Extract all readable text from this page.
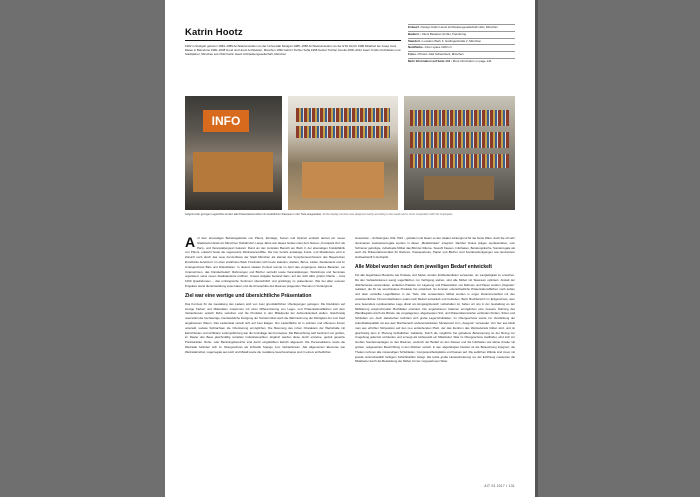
Katrin Hootz
1962 in Stuttgart geboren 1983–1989 Architekturstudium an der Universität Stuttgart 1985–1986 Architekturstudium an der ETH Zürich 1989 Mitarbeit bei Josep Lluís Mateo in Barcelona 1990–2008 Gund und Hootz Architekten, München 1996 Gebürt Tochter Sofia 1998 Geburt Tochter Amelie 2006–2012 Gastr. Kinder Architekten und Stadtplaner, München seit 2012 Katrin Hootz Architektengesellschaft, München
Entwurf • Design Katrin Hootz Architektengesellschaft mbH, München
Bauherr • Client Bavarian GmbH, Freimtrring
Standort • Location Werk 3, Grafingerstraße 2, München
Nutzfläche • Floor space 1000 m²
Fotos • Photos Julia Schambeck, München
Mehr Information auf Seite 144 • More information on page 144
INFO
Aufgrund der geringen Lagerhöhe wurden alle Präsentationsmöbel mit zusätzlichen Stauraum in der Tiefe ausgestattet. All the display furniture was designed mainly according to the needs and in close cooperation with the employees.

Auf dem ehemaligen Betriebsgelände von Pfanni, Zündapp, Kunert und Optimol entsteht derzeit ein neues Stadtviertel direkt am Münchner Ostbahnhof. Lange Jahre war dieses Gebiet unter dem Namen „Kunstpark Ost“ als Party- und Veranstaltungsort bekannt. Rund um den zentralen Bereich am Werk 3, der ehemaligen Knödelfabrik von Pfanni, entsteht heute die sogenannte Werksviertel-Mitte. Die hier bereits ansässige Kunst- und Musikszene wird in Zukunft noch durch das neue Konzerthaus der Stadt München als Heimat des Symphonieorchesters des Bayerischen Rundfunks bereichert. Im oben erwähnten Werk 3 befinden sich heute Galerien, Ateliers, Büros, Läden, Restaurants und im Untergeschoss Bars und Diskotheken. In diesem idealen Kontext konnte im April das vergangene Jahres Bavarian, ein Unternehmen, das Künstlerbedarf, Rahmungen und Bücher vertreibt sowie Veranstaltungen, Workshops und Seminare organisiert, seine neuen Stadtstandorte eröffnen. Unsere Aufgabe bestand darin, auf der nicht allzu großen Fläche – circa 1000 Quadratmeter – das umfangreiche Sortiment übersichtlich und großzügig zu präsentieren. Wie bei allen unseren Projekten stand die Entwicklung eines klaren und die Atmosphäre des Raumes prägenden Themas im Vordergrund.

Ziel war eine wertige und übersichtliche Präsentation

Das Konzept für die Gestaltung des Ladens wird von zwei grundsätzlichen Überlegungen getragen. Die Reduktion auf wenige Farben und Materialien zusammen mit einer Differenzierung von Lager- und Präsentationsflächen soll dem Verkaufsraum optisch Ruhe verleihen und die Produkte in den Mittelpunkt der Aufmerksamkeit stellen. Gleichzeitig unterstützt die hochwertige, handwerkliche Fertigung der Sondermöbel auch die Wahrnehmung der Wertigkeit der zum Kauf angebotenen Waren. Das Ladenlokal verteilt sich auf zwei Etagen. Der Ladenfläche ist in Lichtern und offeneren Zonen unterteilt, sodass Sichtachsen die Orientierung ermöglichen. Die Betonung des rohen Charakters der Werkshalle mit Estrichboden und sichtbarer Leitungsführung war die Grundlage des Konzeptes. Die Beleuchtung wird bestimmt von großen, im Raster des Baus gleichmäßig verteilten Industrieleuchten. Ergänzt werden diese durch einzelne, gezielt gesetzte Punktstrahler. Ruhe- oder Beratungsbereiche sind durch eingefärbten Estrich abgesetzt. Die Personalräume sowie die Werkstatt befinden sich im Obergeschoss als lichtvolle Spange zum Verkaufsraum. Alle allgemeinen Elemente wie Werkstattmöbel, Lagerregale aus Holz und Metall sowie die metallene Geschosstreppe sind in einem einheitlichen

Gesamtton – Schiefergrau, RAL 7015 – gehalten und bieten so den idealen Hintergrund für die bunte Ware. Auch die oft sehr dominanten Lieferantenregale wurden in dieser „Metalistruktur“ integriert. Darüber hinaus prägen repräsentative, vom Schreiner gefertigte, individuelle Möbel das Bild der Räume. Sowohl Kassen, Infotheken, Beratungstische, Sonderregale als auch die Präsentationsmöbel für Rahmen, Passepartouts, Papier und Bücher sind Sonderanfertigungen aus laminiertem Holzwerkstoff in Holzoptik.

Alle Möbel wurden nach dem jeweiligen Bedarf entwickelt

Für alle begehbaren Bereiche wie Podeste und Stufen wurden Fußbodendielen verwendet, um Langlebigkeit zu erreichen. Da den Verkaufsräumen wenig Lagerflächen zur Verfügung stehen, sind alle Möbel mit Stauraum optimiert. Anstatt der üblicherweise verwendeten, einfachen Paletten zur Lagerung und Präsentation von Rahmen und Papier wurden „Pagoden“ realisiert, die für sie verschiedene Produkte frei entwickelt. So konnten unterschiedliche Präsentationsflächen nach außen und oben verstellte Lagerflächen in der Tiefe. Alle verwendeten Möbel wurden in enger Zusammenarbeit mit den verantwortlichen Firmenmitarbeitern exakt nach Bedarf entwickelt und betrieben. Beim Buchbereich im Erdgeschoss, dem eine besonders repräsentative Lage direkt am Eingangsbereich vorbehalten ist, haben wir uns in der Gestaltung an der Möblierung anspruchsvoller Buchläden orientiert. Die angehobenen Galerien ermöglichen eine bessere Nutzung des Wandbegiebs durch die Bünde, die vorgelagerten, abgetreppten Sitz- und Präsentationsstufen verbinden Podien, Sitzen und Schließen ein. Auch dazwischen befinden sich große Lagerschubladen. Im Obergeschoss wurde zur Verstärkung der Aufenthaltsqualität mit aus dem Buchbereich weiterentwickelten Sitzelement zum „Ausguck“ verwendet. Von hier aus blickt man aus erhöhter Sitzposition auf den neu entstehenden Platz, der das Zentrum des Werksviertels bilden wird, und ist gleichzeitig dem in Planung befindlichen Gebäude. Durch die möglichst frei gehaltene Befensterung ist der Bezug zur Umgebung jederzeit vorhanden und erzeugt als Höhepunkt ein Mitarbeiter. Was im Obergeschoss stattfindet, wird sich zur Großen Sonderenanlagen zu den Räumen, wodurch der Bedarf an den Kassen und die Infotheken wie kleine Kioske mit großen, aufgesetzten Beschriftung in den Flächen verteilt. In den abgehängten Decken ist die Beleuchtung integriert, die Theken nehmen alle notwendigen Schubladen, Computerarbeitsplätze und Kassen auf. Die seitlichen Wände sind innen mit jeweils unterschiedlich farbigem Schichtstoffen belegt. Die letzte große Herausforderung vor der Eröffnung meisterten die Mitarbeiter durch die Bestückung der Möbel mit der vorgesehenen Ware.

AIT 03.2017 • 131
